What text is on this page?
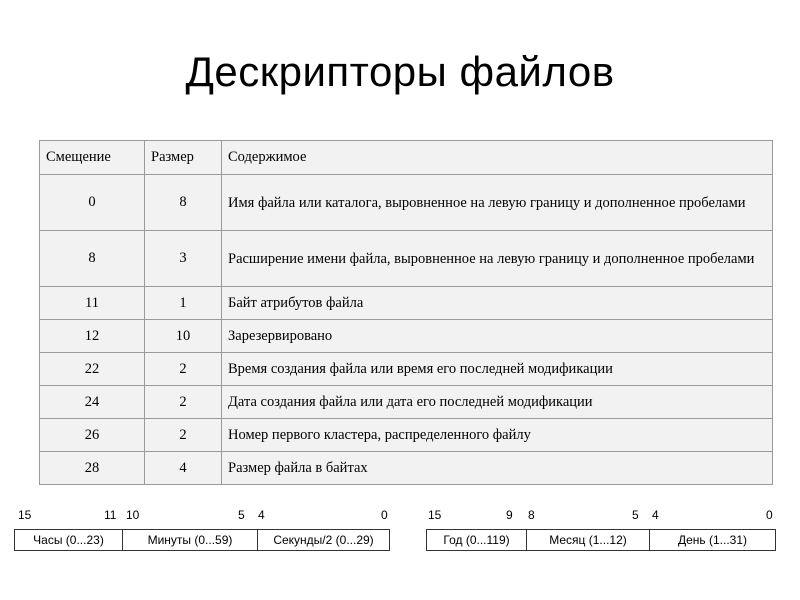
Дескрипторы файлов
Смещение	Размер	Содержимое
0	8	Имя файла или каталога, выровненное на левую границу и дополненное пробелами
8	3	Расширение имени файла, выровненное на левую границу и дополненное пробелами
11	1	Байт атрибутов файла
12	10	Зарезервировано
22	2	Время создания файла или время его последней модификации
24	2	Дата создания файла или дата его последней модификации
26	2	Номер первого кластера, распределенного файлу
28	4	Размер файла в байтах
15	11 10	5 4	0
Часы (0...23)	Минуты (0...59)	Секунды/2 (0...29)
15	9 8	5 4	0
Год (0...119)	Месяц (1...12)	День (1...31)
